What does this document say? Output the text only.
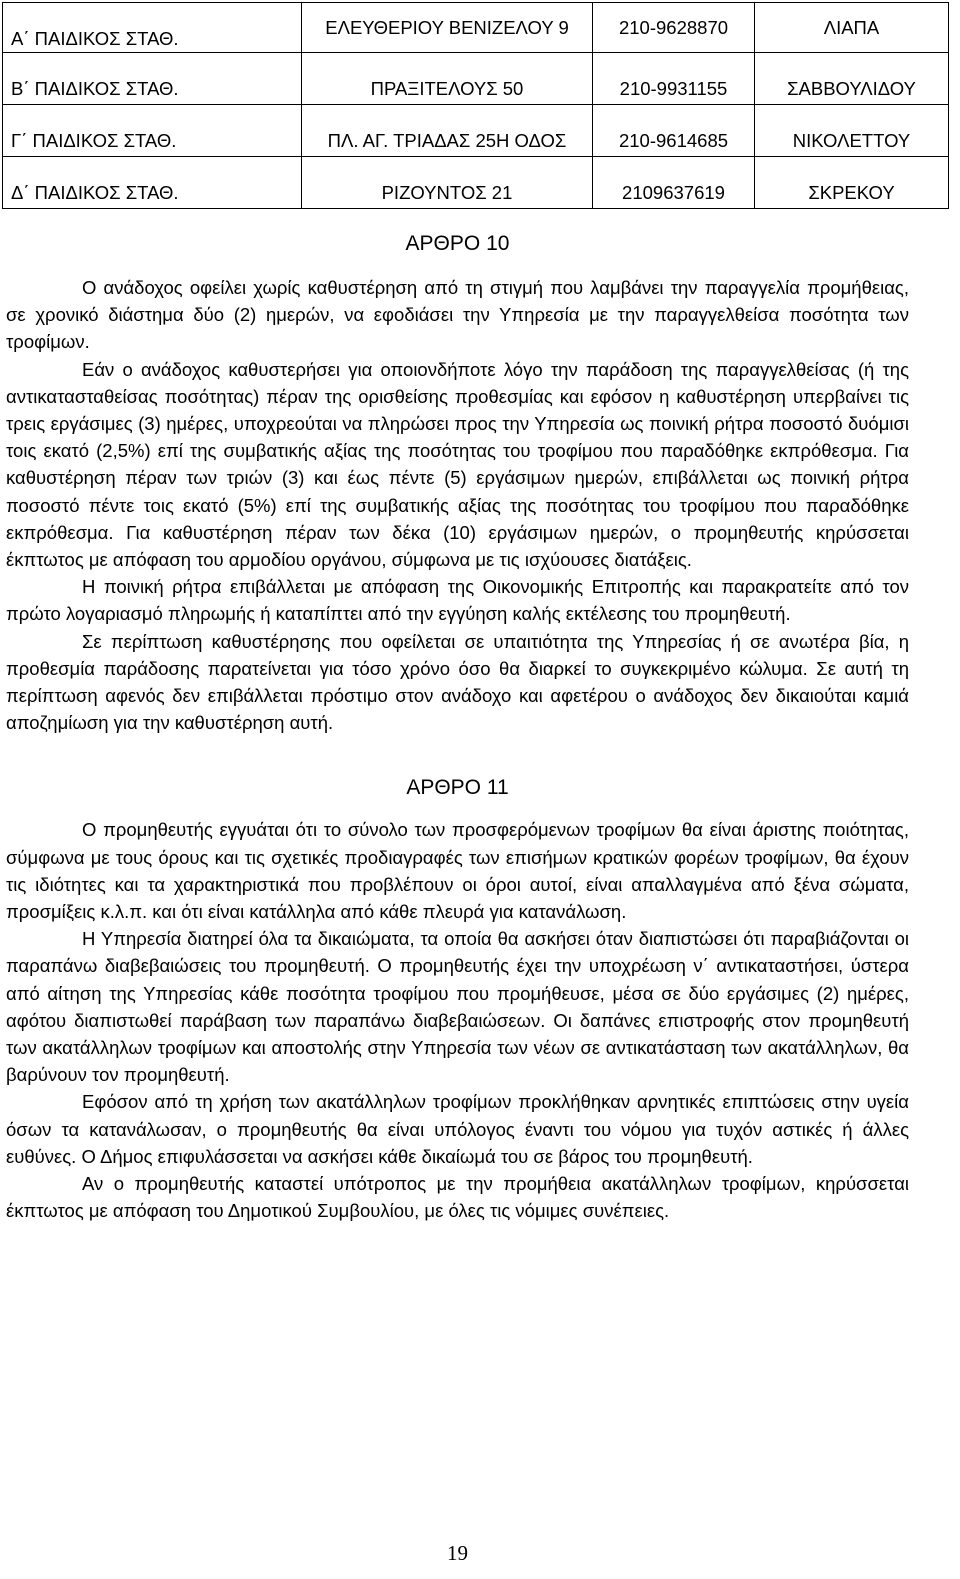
Α΄ ΠΑΙΔΙΚΟΣ ΣΤΑΘ.	ΕΛΕΥΘΕΡΙΟΥ ΒΕΝΙΖΕΛΟΥ 9	210-9628870	ΛΙΑΠΑ
Β΄ ΠΑΙΔΙΚΟΣ ΣΤΑΘ.	ΠΡΑΞΙΤΕΛΟΥΣ 50	210-9931155	ΣΑΒΒΟΥΛΙΔΟΥ
Γ΄ ΠΑΙΔΙΚΟΣ ΣΤΑΘ.	ΠΛ. ΑΓ. ΤΡΙΑΔΑΣ 25Η ΟΔΟΣ	210-9614685	ΝΙΚΟΛΕΤΤΟΥ
Δ΄ ΠΑΙΔΙΚΟΣ ΣΤΑΘ.	ΡΙΖΟΥΝΤΟΣ 21	2109637619	ΣΚΡΕΚΟΥ
ΑΡΘΡΟ 10

Ο ανάδοχος οφείλει χωρίς καθυστέρηση από τη στιγμή που λαμβάνει την παραγγελία προμήθειας, σε χρονικό διάστημα δύο (2) ημερών, να εφοδιάσει την Υπηρεσία με την παραγγελθείσα ποσότητα των τροφίμων.

Εάν ο ανάδοχος καθυστερήσει για οποιονδήποτε λόγο την παράδοση της παραγγελθείσας (ή της αντικατασταθείσας ποσότητας) πέραν της ορισθείσης προθεσμίας και εφόσον η καθυστέρηση υπερβαίνει τις τρεις εργάσιμες (3) ημέρες, υποχρεούται να πληρώσει προς την Υπηρεσία ως ποινική ρήτρα ποσοστό δυόμισι τοις εκατό (2,5%) επί της συμβατικής αξίας της ποσότητας του τροφίμου που παραδόθηκε εκπρόθεσμα. Για καθυστέρηση πέραν των τριών (3) και έως πέντε (5) εργάσιμων ημερών, επιβάλλεται ως ποινική ρήτρα ποσοστό πέντε τοις εκατό (5%) επί της συμβατικής αξίας της ποσότητας του τροφίμου που παραδόθηκε εκπρόθεσμα. Για καθυστέρηση πέραν των δέκα (10) εργάσιμων ημερών, ο προμηθευτής κηρύσσεται έκπτωτος με απόφαση του αρμοδίου οργάνου, σύμφωνα με τις ισχύουσες διατάξεις.

Η ποινική ρήτρα επιβάλλεται με απόφαση της Οικονομικής Επιτροπής και παρακρατείτε από τον πρώτο λογαριασμό πληρωμής ή καταπίπτει από την εγγύηση καλής εκτέλεσης του προμηθευτή.

Σε περίπτωση καθυστέρησης που οφείλεται σε υπαιτιότητα της Υπηρεσίας ή σε ανωτέρα βία, η προθεσμία παράδοσης παρατείνεται για τόσο χρόνο όσο θα διαρκεί το συγκεκριμένο κώλυμα. Σε αυτή τη περίπτωση αφενός δεν επιβάλλεται πρόστιμο στον ανάδοχο και αφετέρου ο ανάδοχος δεν δικαιούται καμιά αποζημίωση για την καθυστέρηση αυτή.

ΑΡΘΡΟ 11

Ο προμηθευτής εγγυάται ότι το σύνολο των προσφερόμενων τροφίμων θα είναι άριστης ποιότητας, σύμφωνα με τους όρους και τις σχετικές προδιαγραφές των επισήμων κρατικών φορέων τροφίμων, θα έχουν τις ιδιότητες και τα χαρακτηριστικά που προβλέπουν οι όροι αυτοί, είναι απαλλαγμένα από ξένα σώματα, προσμίξεις κ.λ.π. και ότι είναι κατάλληλα από κάθε πλευρά για κατανάλωση.

Η Υπηρεσία διατηρεί όλα τα δικαιώματα, τα οποία θα ασκήσει όταν διαπιστώσει ότι παραβιάζονται οι παραπάνω διαβεβαιώσεις του προμηθευτή. Ο προμηθευτής έχει την υποχρέωση ν΄ αντικαταστήσει, ύστερα από αίτηση της Υπηρεσίας κάθε ποσότητα τροφίμου που προμήθευσε, μέσα σε δύο εργάσιμες (2) ημέρες, αφότου διαπιστωθεί παράβαση των παραπάνω διαβεβαιώσεων. Οι δαπάνες επιστροφής στον προμηθευτή των ακατάλληλων τροφίμων και αποστολής στην Υπηρεσία των νέων σε αντικατάσταση των ακατάλληλων, θα βαρύνουν τον προμηθευτή.

Εφόσον από τη χρήση των ακατάλληλων τροφίμων προκλήθηκαν αρνητικές επιπτώσεις στην υγεία όσων τα κατανάλωσαν, ο προμηθευτής θα είναι υπόλογος έναντι του νόμου για τυχόν αστικές ή άλλες ευθύνες. Ο Δήμος επιφυλάσσεται να ασκήσει κάθε δικαίωμά του σε βάρος του προμηθευτή.

Αν ο προμηθευτής καταστεί υπότροπος με την προμήθεια ακατάλληλων τροφίμων, κηρύσσεται έκπτωτος με απόφαση του Δημοτικού Συμβουλίου, με όλες τις νόμιμες συνέπειες.

19
